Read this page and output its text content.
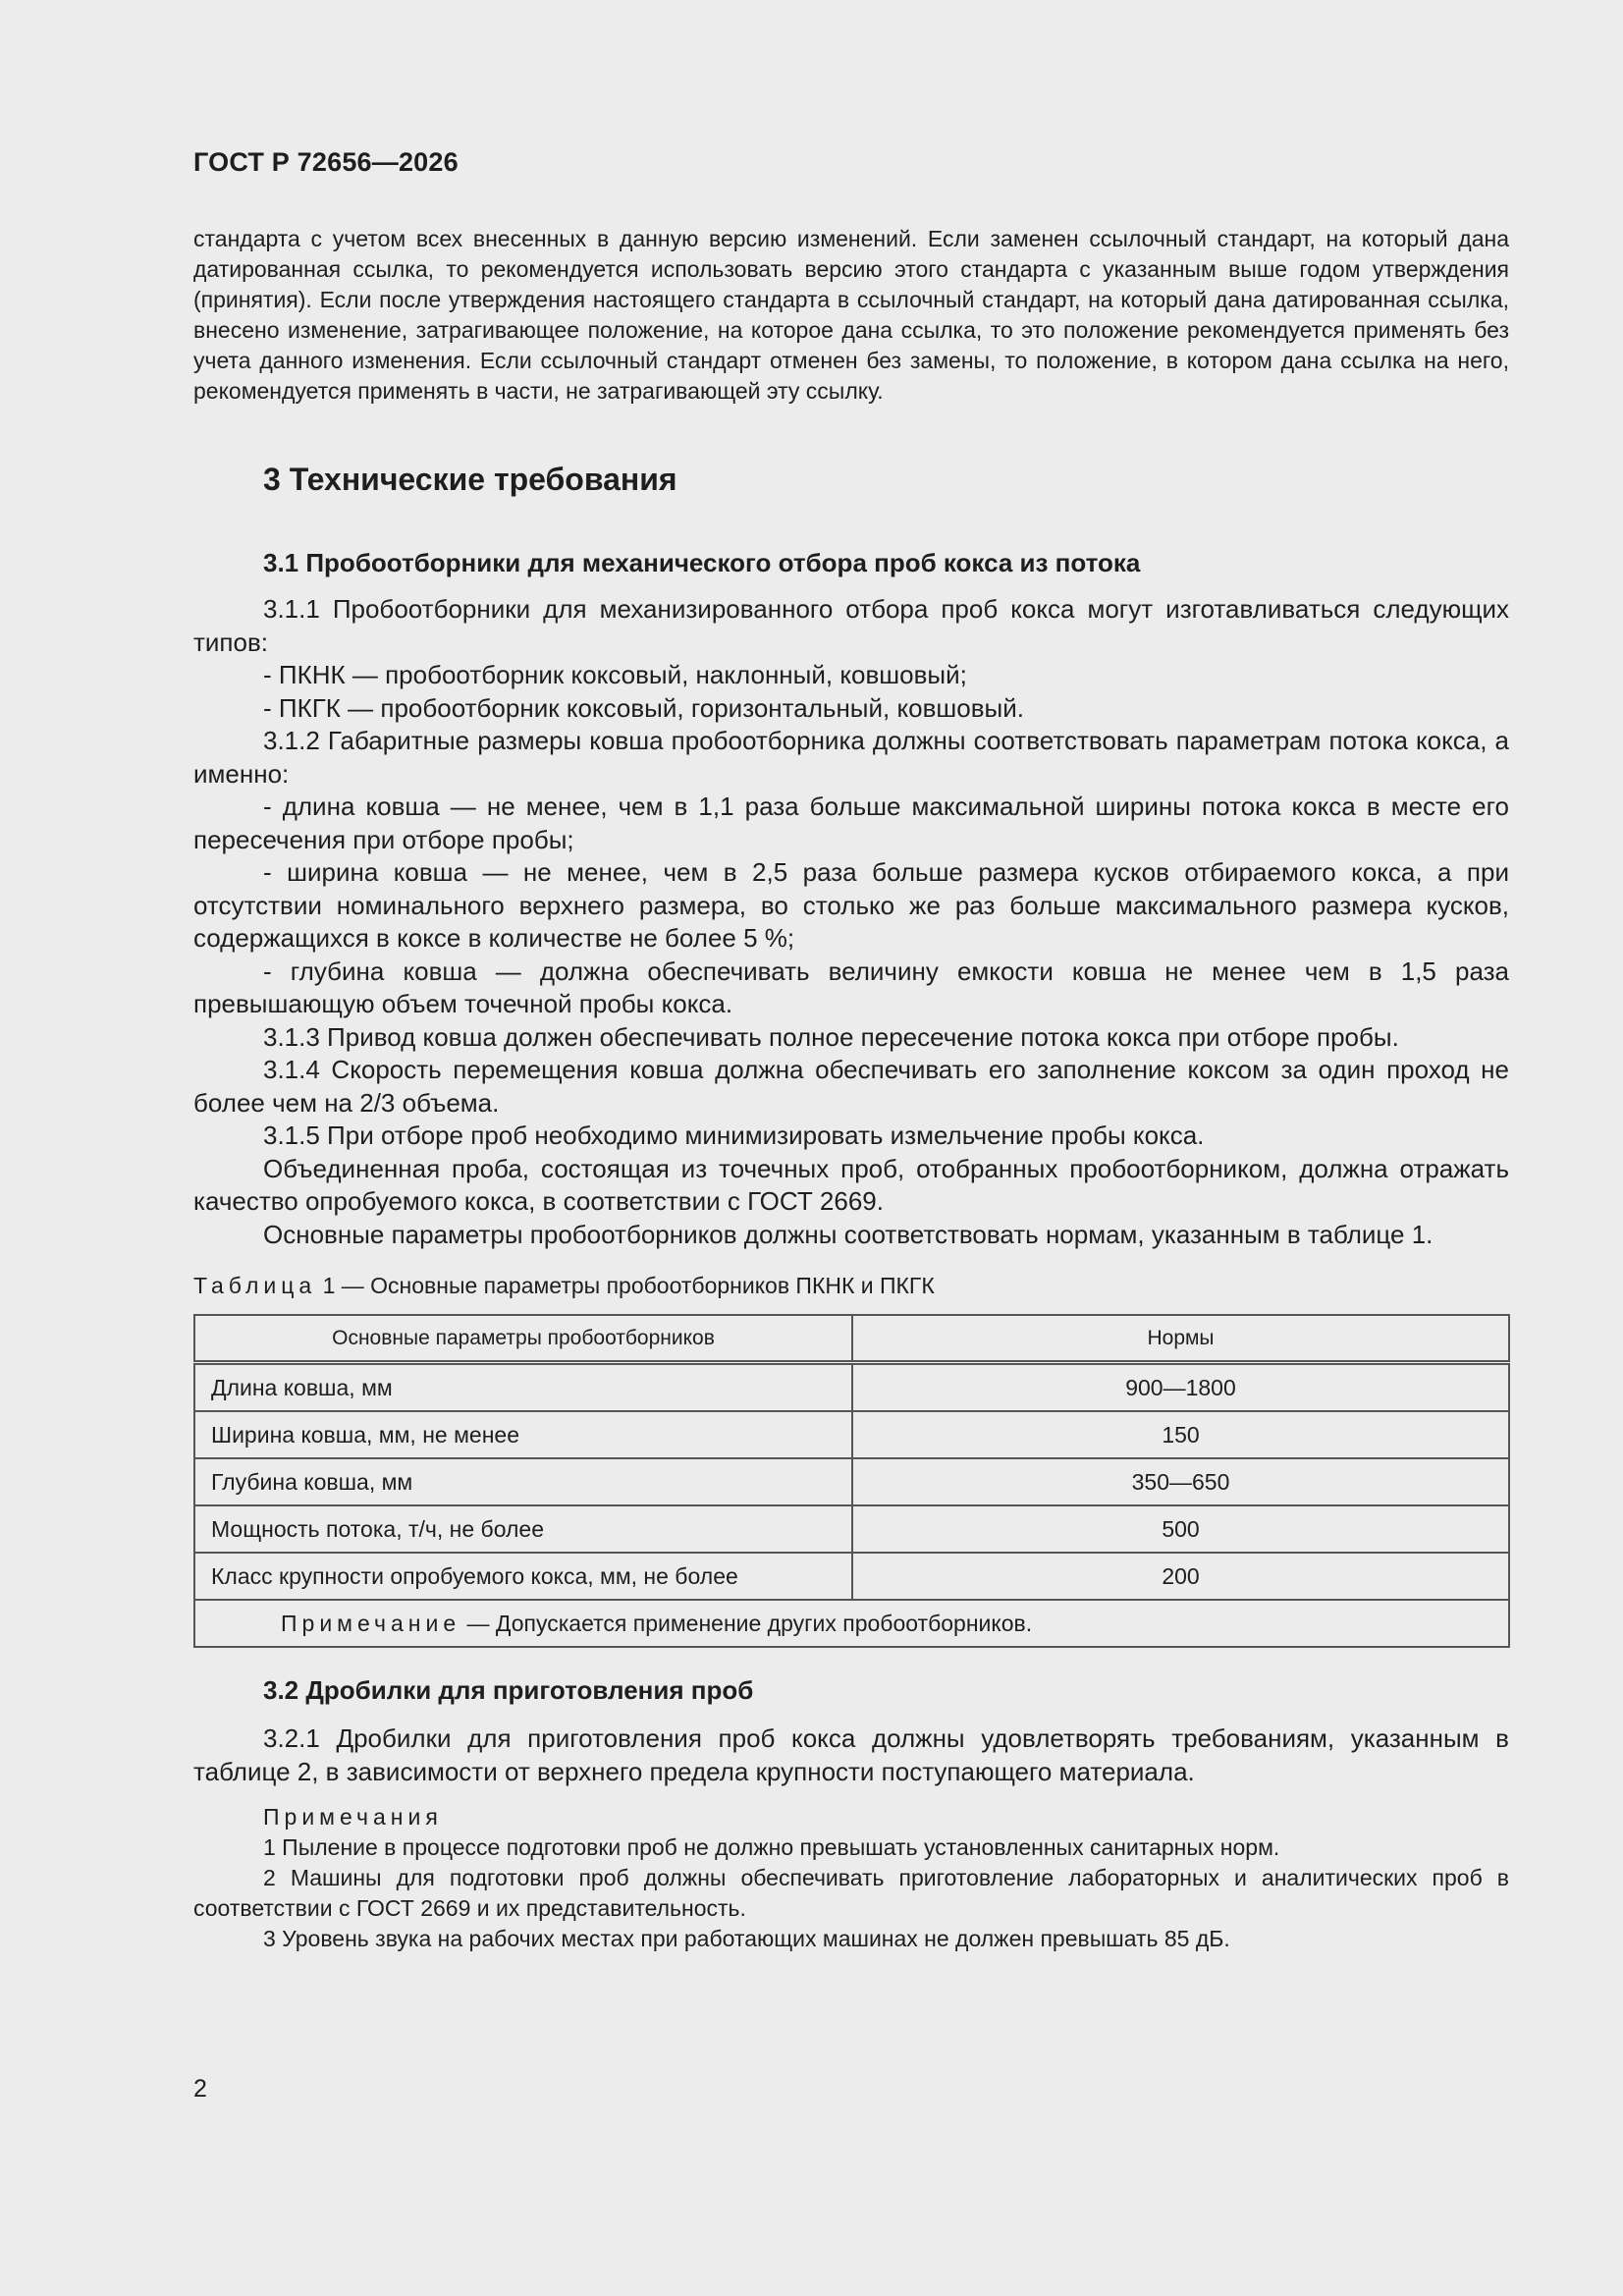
ГОСТ Р 72656—2026
стандарта с учетом всех внесенных в данную версию изменений. Если заменен ссылочный стандарт, на который дана датированная ссылка, то рекомендуется использовать версию этого стандарта с указанным выше годом утверждения (принятия). Если после утверждения настоящего стандарта в ссылочный стандарт, на который дана датированная ссылка, внесено изменение, затрагивающее положение, на которое дана ссылка, то это положение рекомендуется применять без учета данного изменения. Если ссылочный стандарт отменен без замены, то положение, в котором дана ссылка на него, рекомендуется применять в части, не затрагивающей эту ссылку.
3 Технические требования
3.1 Пробоотборники для механического отбора проб кокса из потока

3.1.1 Пробоотборники для механизированного отбора проб кокса могут изготавливаться следующих типов:

- ПКНК — пробоотборник коксовый, наклонный, ковшовый;

- ПКГК — пробоотборник коксовый, горизонтальный, ковшовый.

3.1.2 Габаритные размеры ковша пробоотборника должны соответствовать параметрам потока кокса, а именно:

- длина ковша — не менее, чем в 1,1 раза больше максимальной ширины потока кокса в месте его пересечения при отборе пробы;

- ширина ковша — не менее, чем в 2,5 раза больше размера кусков отбираемого кокса, а при отсутствии номинального верхнего размера, во столько же раз больше максимального размера кусков, содержащихся в коксе в количестве не более 5 %;

- глубина ковша — должна обеспечивать величину емкости ковша не менее чем в 1,5 раза превышающую объем точечной пробы кокса.

3.1.3 Привод ковша должен обеспечивать полное пересечение потока кокса при отборе пробы.

3.1.4 Скорость перемещения ковша должна обеспечивать его заполнение коксом за один проход не более чем на 2/3 объема.

3.1.5 При отборе проб необходимо минимизировать измельчение пробы кокса.

Объединенная проба, состоящая из точечных проб, отобранных пробоотборником, должна отражать качество опробуемого кокса, в соответствии с ГОСТ 2669.

Основные параметры пробоотборников должны соответствовать нормам, указанным в таблице 1.

Таблица 1 — Основные параметры пробоотборников ПКНК и ПКГК
Основные параметры пробоотборников	Нормы
Длина ковша, мм	900—1800
Ширина ковша, мм, не менее	150
Глубина ковша, мм	350—650
Мощность потока, т/ч, не более	500
Класс крупности опробуемого кокса, мм, не более	200
Примечание — Допускается применение других пробоотборников.	
3.2 Дробилки для приготовления проб

3.2.1 Дробилки для приготовления проб кокса должны удовлетворять требованиям, указанным в таблице 2, в зависимости от верхнего предела крупности поступающего материала.

Примечания

1 Пыление в процессе подготовки проб не должно превышать установленных санитарных норм.

2 Машины для подготовки проб должны обеспечивать приготовление лабораторных и аналитических проб в соответствии с ГОСТ 2669 и их представительность.

3 Уровень звука на рабочих местах при работающих машинах не должен превышать 85 дБ.

2
